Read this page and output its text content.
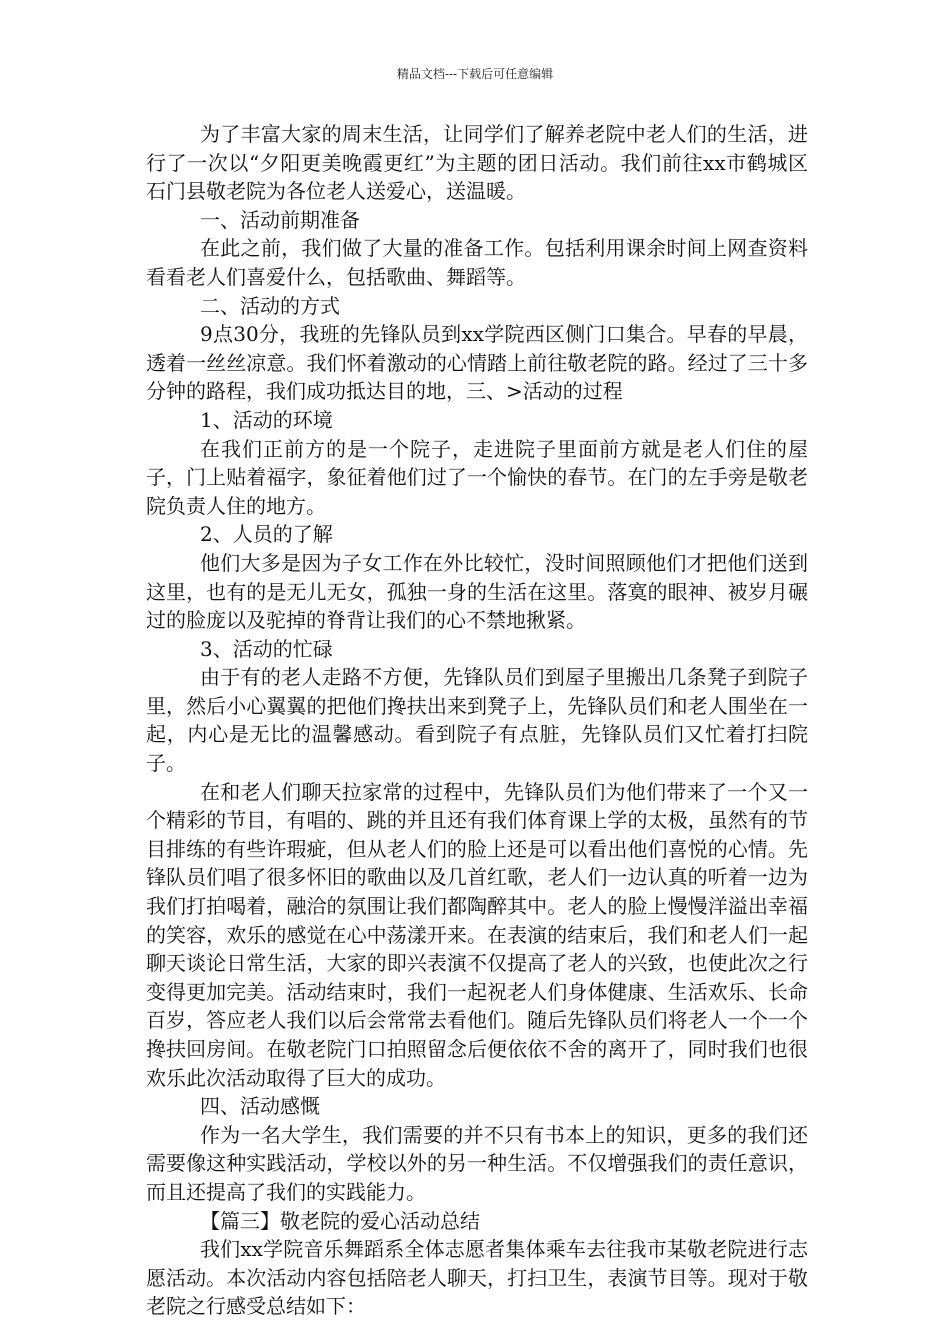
精品文档---下载后可任意编辑

为了丰富大家的周末生活，让同学们了解养老院中老人们的生活，进行了一次以“夕阳更美晚霞更红”为主题的团日活动。我们前往xx市鹤城区石门县敬老院为各位老人送爱心，送温暖。

一、活动前期准备

在此之前，我们做了大量的准备工作。包括利用课余时间上网查资料看看老人们喜爱什么，包括歌曲、舞蹈等。

二、活动的方式

9点30分，我班的先锋队员到xx学院西区侧门口集合。早春的早晨，透着一丝丝凉意。我们怀着激动的心情踏上前往敬老院的路。经过了三十多分钟的路程，我们成功抵达目的地，三、>活动的过程

1、活动的环境

在我们正前方的是一个院子，走进院子里面前方就是老人们住的屋子，门上贴着福字，象征着他们过了一个愉快的春节。在门的左手旁是敬老院负责人住的地方。

2、人员的了解

他们大多是因为子女工作在外比较忙，没时间照顾他们才把他们送到这里，也有的是无儿无女，孤独一身的生活在这里。落寞的眼神、被岁月碾过的脸庞以及驼掉的脊背让我们的心不禁地揪紧。

3、活动的忙碌

由于有的老人走路不方便，先锋队员们到屋子里搬出几条凳子到院子里，然后小心翼翼的把他们搀扶出来到凳子上，先锋队员们和老人围坐在一起，内心是无比的温馨感动。看到院子有点脏，先锋队员们又忙着打扫院子。

在和老人们聊天拉家常的过程中，先锋队员们为他们带来了一个又一个精彩的节目，有唱的、跳的并且还有我们体育课上学的太极，虽然有的节目排练的有些许瑕疵，但从老人们的脸上还是可以看出他们喜悦的心情。先锋队员们唱了很多怀旧的歌曲以及几首红歌，老人们一边认真的听着一边为我们打拍喝着，融洽的氛围让我们都陶醉其中。老人的脸上慢慢洋溢出幸福的笑容，欢乐的感觉在心中荡漾开来。在表演的结束后，我们和老人们一起聊天谈论日常生活，大家的即兴表演不仅提高了老人的兴致，也使此次之行变得更加完美。活动结束时，我们一起祝老人们身体健康、生活欢乐、长命百岁，答应老人我们以后会常常去看他们。随后先锋队员们将老人一个一个搀扶回房间。在敬老院门口拍照留念后便依依不舍的离开了，同时我们也很欢乐此次活动取得了巨大的成功。

四、活动感慨

作为一名大学生，我们需要的并不只有书本上的知识，更多的我们还需要像这种实践活动，学校以外的另一种生活。不仅增强我们的责任意识，而且还提高了我们的实践能力。

【篇三】敬老院的爱心活动总结

我们xx学院音乐舞蹈系全体志愿者集体乘车去往我市某敬老院进行志愿活动。本次活动内容包括陪老人聊天，打扫卫生，表演节目等。现对于敬老院之行感受总结如下：
